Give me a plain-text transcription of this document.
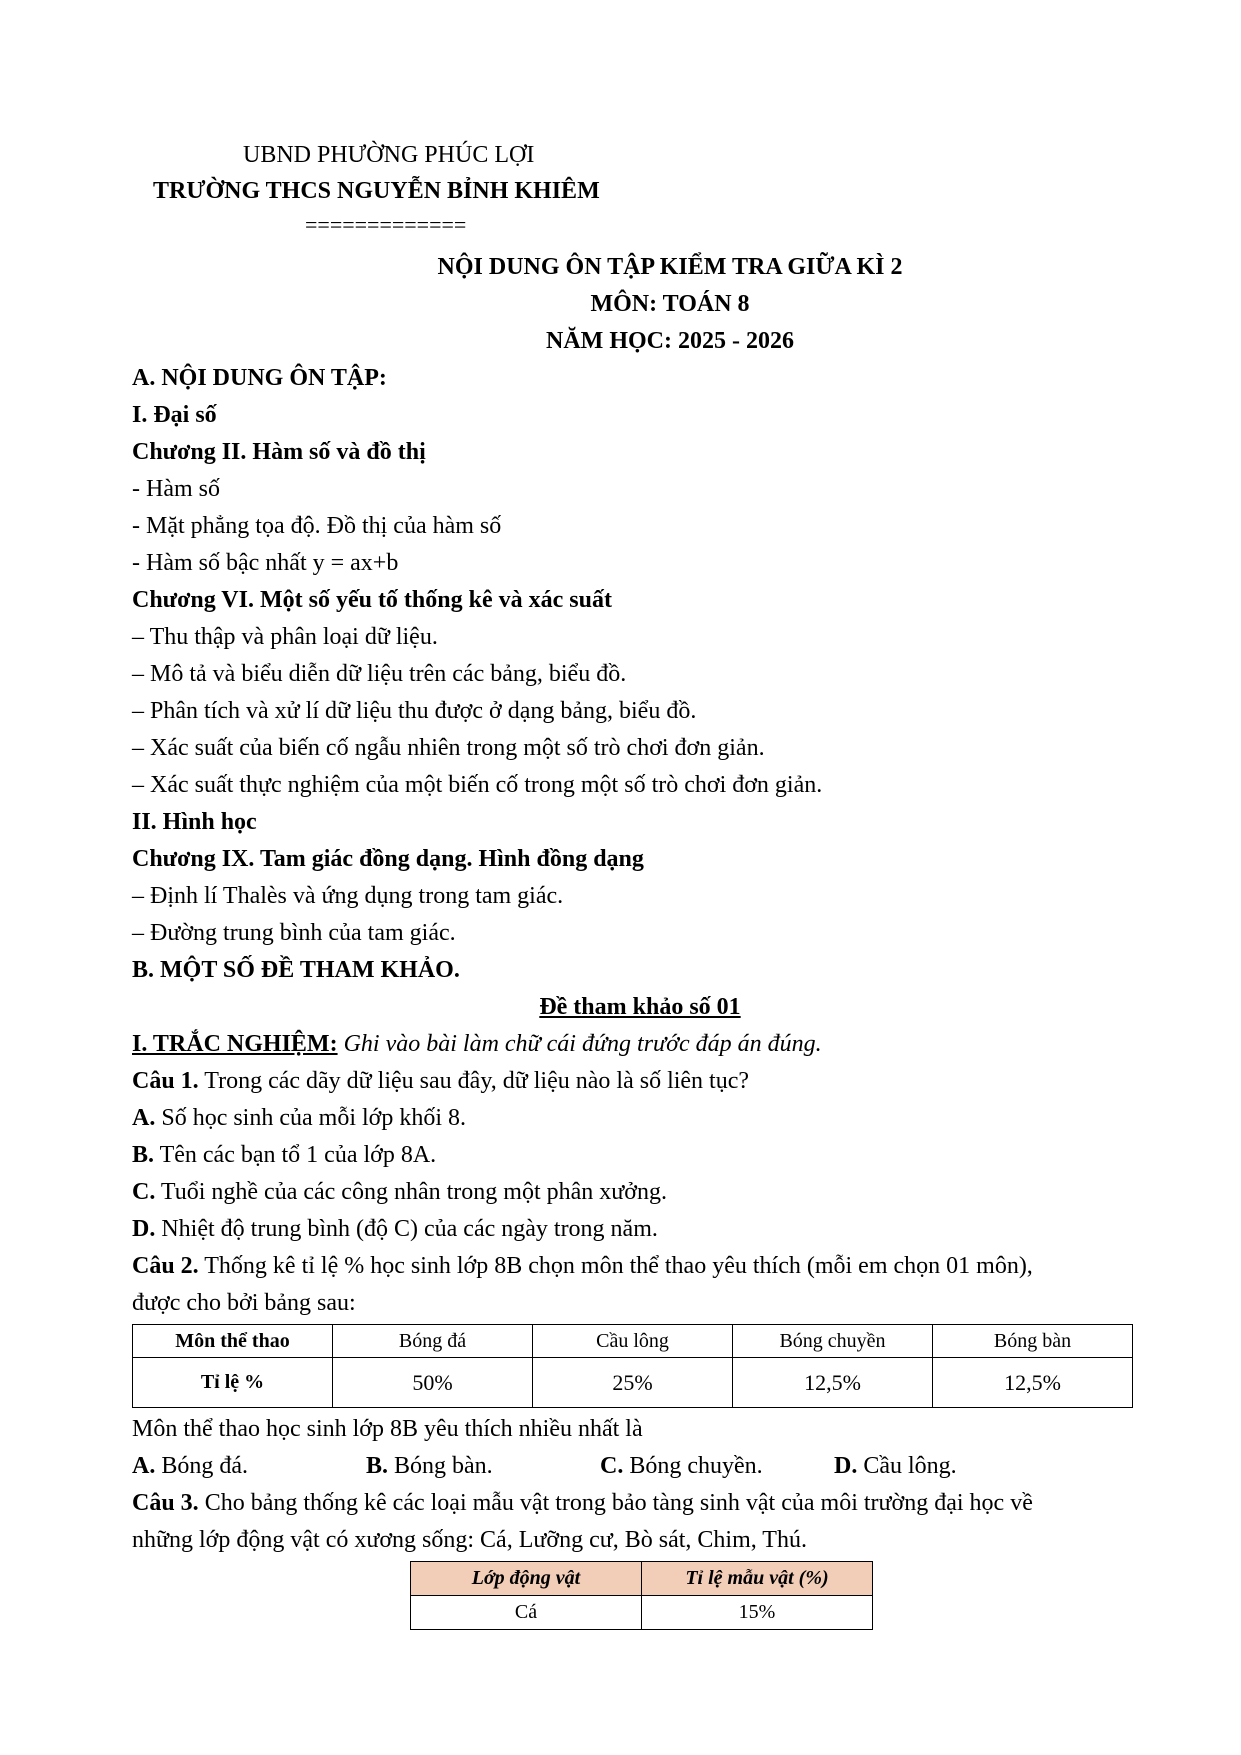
UBND PHƯỜNG PHÚC LỢI
TRƯỜNG THCS NGUYỄN BỈNH KHIÊM
=============
NỘI DUNG ÔN TẬP KIỂM TRA GIỮA KÌ 2
MÔN: TOÁN 8
NĂM HỌC: 2025 - 2026
A. NỘI DUNG ÔN TẬP:
I. Đại số
Chương II. Hàm số và đồ thị
- Hàm số
- Mặt phẳng tọa độ. Đồ thị của hàm số
- Hàm số bậc nhất y = ax+b
Chương VI. Một số yếu tố thống kê và xác suất
– Thu thập và phân loại dữ liệu.
– Mô tả và biểu diễn dữ liệu trên các bảng, biểu đồ.
– Phân tích và xử lí dữ liệu thu được ở dạng bảng, biểu đồ.
– Xác suất của biến cố ngẫu nhiên trong một số trò chơi đơn giản.
– Xác suất thực nghiệm của một biến cố trong một số trò chơi đơn giản.
II. Hình học
Chương IX. Tam giác đồng dạng. Hình đồng dạng
– Định lí Thalès và ứng dụng trong tam giác.
– Đường trung bình của tam giác.
B. MỘT SỐ ĐỀ THAM KHẢO.
Đề tham khảo số 01
I. TRẮC NGHIỆM: Ghi vào bài làm chữ cái đứng trước đáp án đúng.
Câu 1. Trong các dãy dữ liệu sau đây, dữ liệu nào là số liên tục?
A. Số học sinh của mỗi lớp khối 8.
B. Tên các bạn tổ 1 của lớp 8A.
C. Tuổi nghề của các công nhân trong một phân xưởng.
D. Nhiệt độ trung bình (độ C) của các ngày trong năm.
Câu 2. Thống kê tỉ lệ % học sinh lớp 8B chọn môn thể thao yêu thích (mỗi em chọn 01 môn),
được cho bởi bảng sau:
Môn thể thao	Bóng đá	Cầu lông	Bóng chuyền	Bóng bàn
Tỉ lệ %	50%	25%	12,5%	12,5%
Môn thể thao học sinh lớp 8B yêu thích nhiều nhất là
A. Bóng đá.	B. Bóng bàn.	C. Bóng chuyền.	D. Cầu lông.
Câu 3. Cho bảng thống kê các loại mẫu vật trong bảo tàng sinh vật của môi trường đại học về
những lớp động vật có xương sống: Cá, Lưỡng cư, Bò sát, Chim, Thú.
Lớp động vật	Tỉ lệ mẫu vật (%)
Cá	15%
